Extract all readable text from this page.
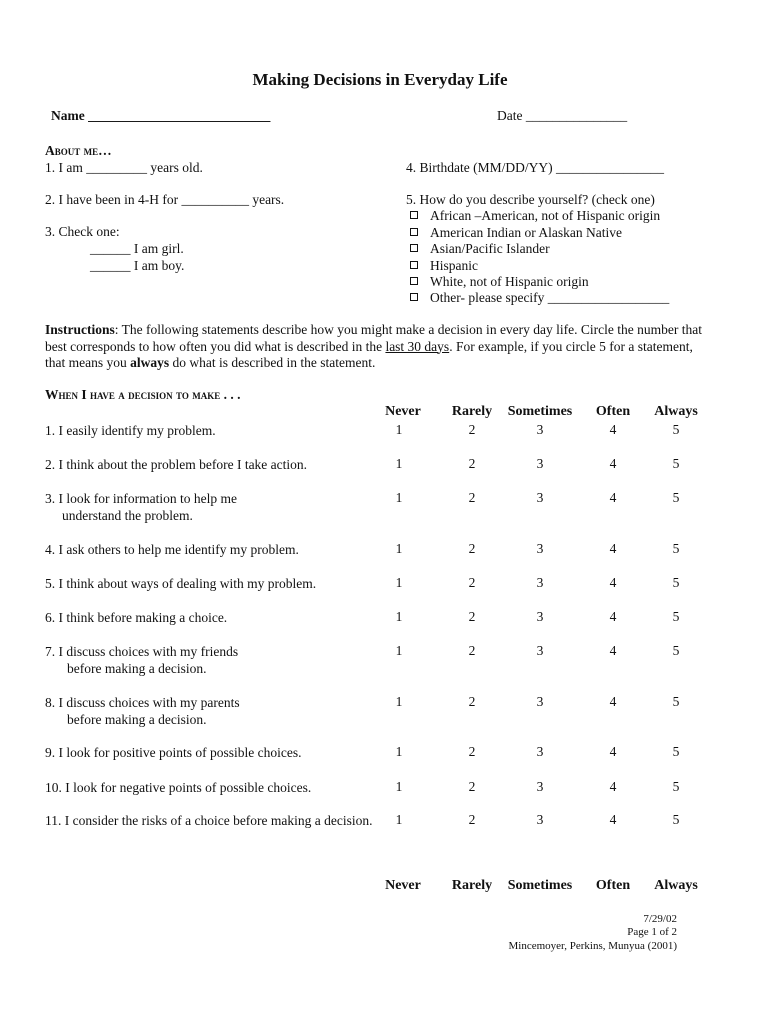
Making Decisions in Everyday Life
Name ___________________________	Date _______________
About me…
1. I am _________ years old.
2. I have been in 4-H for __________ years.
3. Check one:
______ I am girl.
______ I am boy.
4. Birthdate (MM/DD/YY) ________________
5. How do you describe yourself? (check one)
African –American, not of Hispanic origin
American Indian or Alaskan Native
Asian/Pacific Islander
Hispanic
White, not of Hispanic origin
Other- please specify __________________
Instructions: The following statements describe how you might make a decision in every day life. Circle the number that best corresponds to how often you did what is described in the last 30 days. For example, if you circle 5 for a statement, that means you always do what is described in the statement.
When I have a decision to make . . .
Never	Rarely	Sometimes	Often	Always
Never	Rarely	Sometimes	Often	Always
1. I easily identify my problem.	1	2	3	4	5
2. I think about the problem before I take action.	1	2	3	4	5
3. I look for information to help me
understand the problem.
1	2	3	4	5
4. I ask others to help me identify my problem.	1	2	3	4	5
5. I think about ways of dealing with my problem.	1	2	3	4	5
6. I think before making a choice.	1	2	3	4	5
7. I discuss choices with my friends
before making a decision.
1	2	3	4	5
8. I discuss choices with my parents
before making a decision.
1	2	3	4	5
9. I look for positive points of possible choices.	1	2	3	4	5
10. I look for negative points of possible choices.	1	2	3	4	5
11. I consider the risks of a choice before making a decision.	1	2	3	4	5
7/29/02
Page 1 of 2
Mincemoyer, Perkins, Munyua (2001)
